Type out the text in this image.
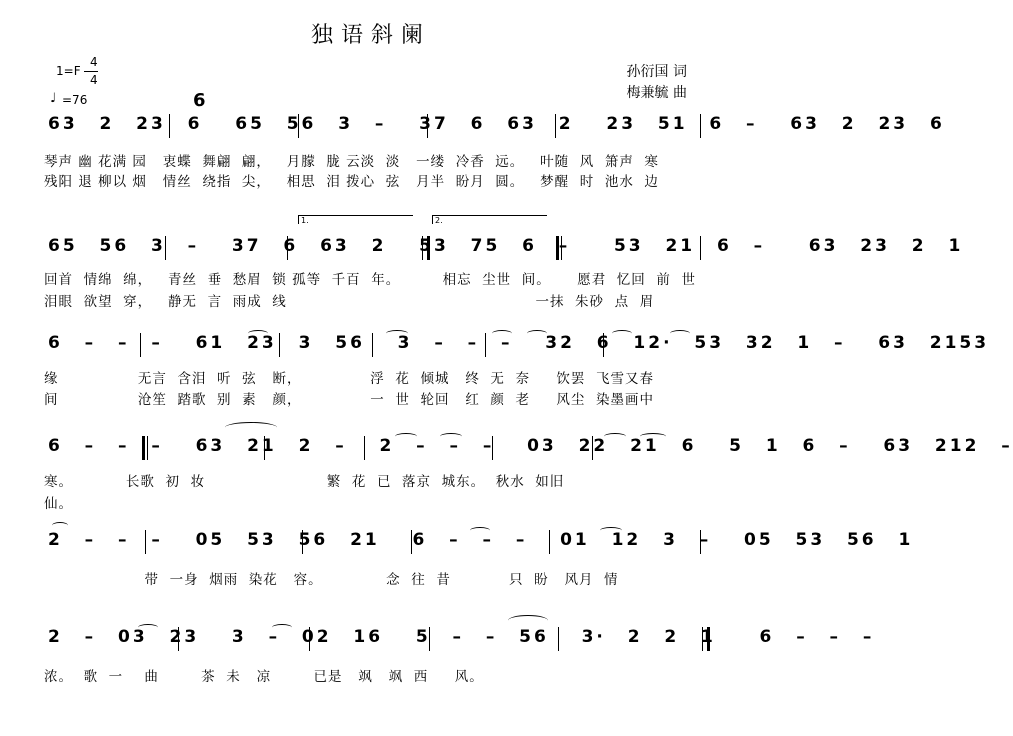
独语斜阑
1=F
4
4
♩ =76
孙衍国 词
梅兼毓 曲
6
63  2  23  6   65  56  3  –   37  6  63  2   23  51  6  –   63  2  23  6
琴声 幽 花满 园   衷蝶  舞翩  翩，   月朦  胧 云淡  淡   一缕  冷香  远。   叶随  风  箫声  寒
残阳 退 柳以 烟   情丝  绕指  尖，   相思  泪 拨心  弦   月半  盼月  圆。   梦醒  时  池水  边
1.	2.
65  56  3  –   37  6  63  2   53  75  6  –    53  21  6  –    63  23  2  1
回首  情绵  绵，   青丝  垂  愁眉  锁 孤等  千百  年。        相忘  尘世  间。     愿君  忆回  前  世
泪眼  欲望  穿，   静无  言  雨成  线                                               一抹  朱砂  点  眉
6  –  –  –   61  23  3  56   3  –  –  –   32  6  12·  53  32  1  –   63  2153
缘               无言  含泪  听  弦   断，             浮  花  倾城   终  无  奈     饮罢  飞雪又春
间               沧笙  踏歌  别  素   颜，             一  世  轮回   红  颜  老     风尘  染墨画中
6  –  –  –   63  21  2  –   2  –  –  –   03  22  21  6   5  1  6  –   63  212  –
寒。          长歌  初  妆                       繁  花  已  落京  城东。  秋水  如旧
仙。
2  –  –  –   05  53  56  21   6  –  –  –   01  12  3  –   05  53  56  1
带  一身  烟雨  染花   容。            念  往  昔           只  盼   风月  情
2  –  03  23   3  –  02  16   5  –  –  56   3·  2  2  1    6  –  –  –
浓。  歌  一    曲        茶  未   凉        已是   飒   飒  西     风。
